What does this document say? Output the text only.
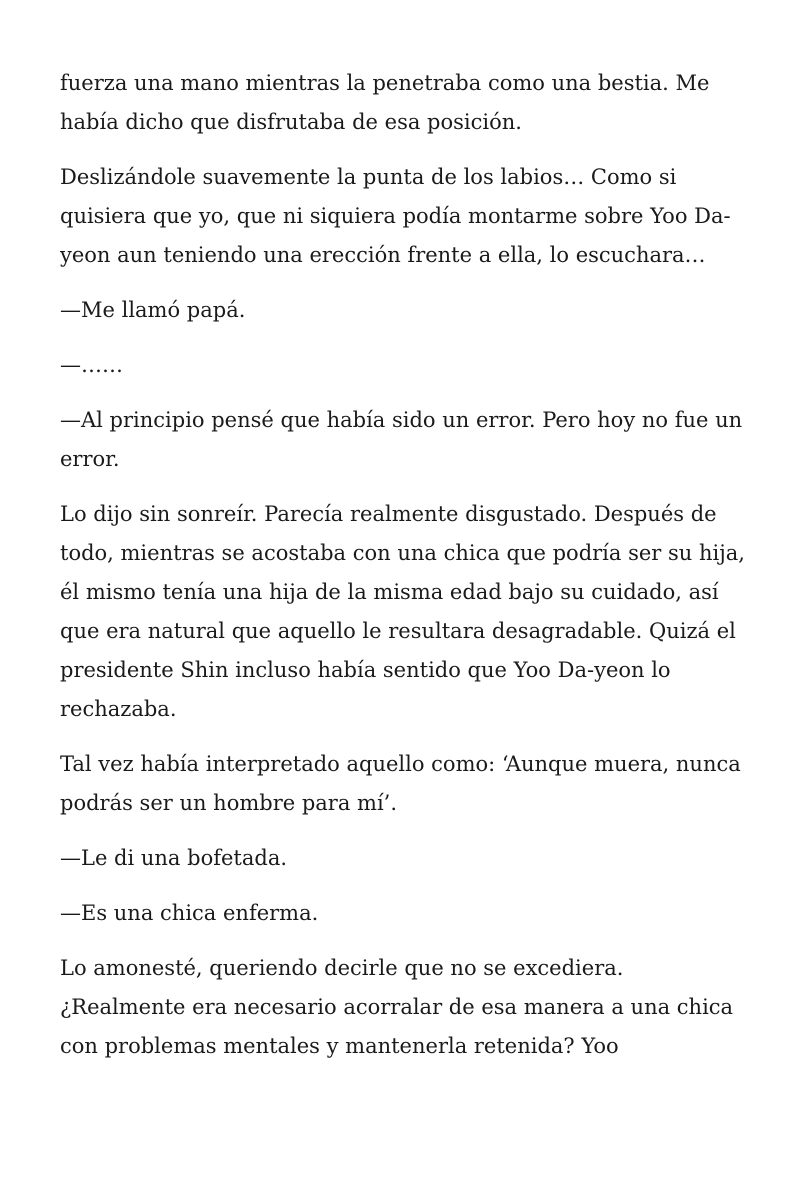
fuerza una mano mientras la penetraba como una bestia. Me había dicho que disfrutaba de esa posición.

Deslizándole suavemente la punta de los labios… Como si quisiera que yo, que ni siquiera podía montarme sobre Yoo Da-yeon aun teniendo una erección frente a ella, lo escuchara…

—Me llamó papá.

—……

—Al principio pensé que había sido un error. Pero hoy no fue un error.

Lo dijo sin sonreír. Parecía realmente disgustado. Después de todo, mientras se acostaba con una chica que podría ser su hija, él mismo tenía una hija de la misma edad bajo su cuidado, así que era natural que aquello le resultara desagradable. Quizá el presidente Shin incluso había sentido que Yoo Da-yeon lo rechazaba.

Tal vez había interpretado aquello como: ‘Aunque muera, nunca podrás ser un hombre para mí’.

—Le di una bofetada.

—Es una chica enferma.

Lo amonesté, queriendo decirle que no se excediera. ¿Realmente era necesario acorralar de esa manera a una chica con problemas mentales y mantenerla retenida? Yoo
